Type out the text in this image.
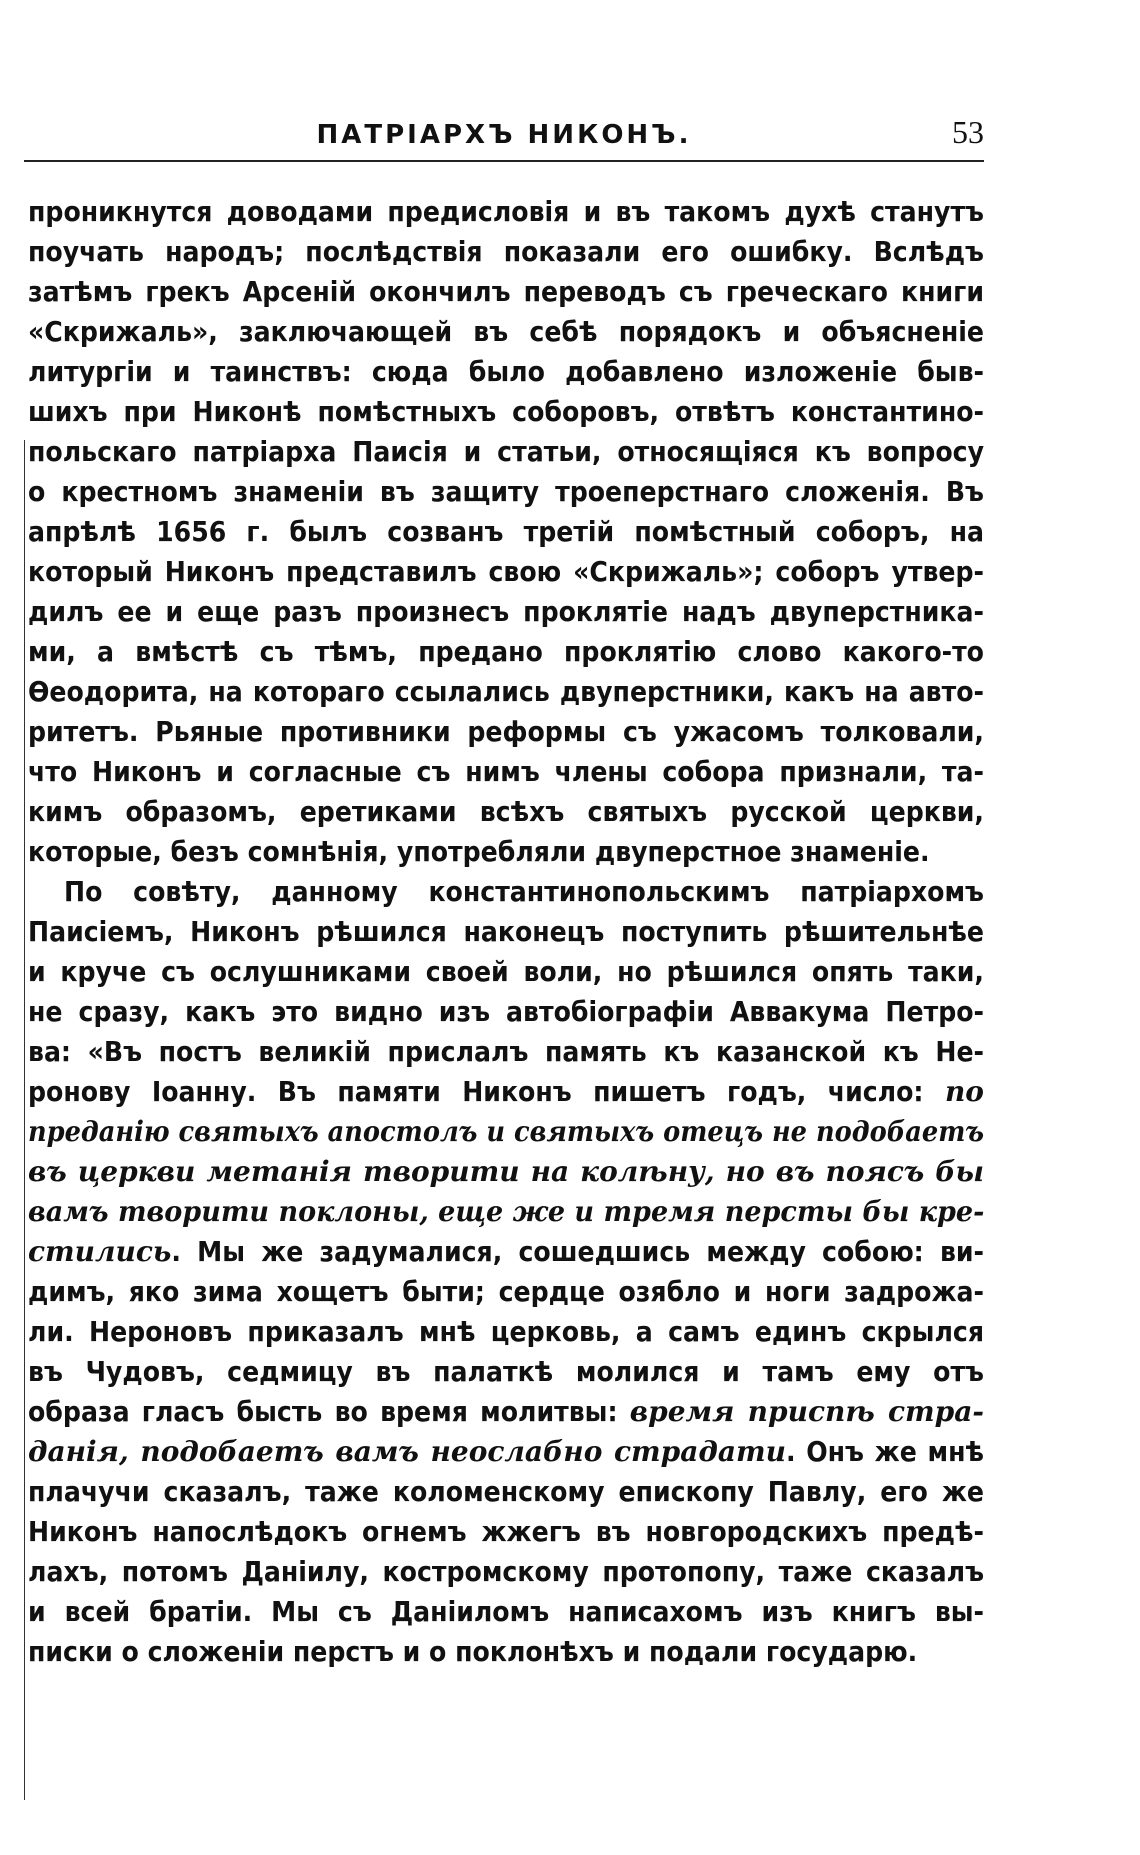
ПАТРІАРХЪ НИКОНЪ.	53
проникнутся доводами предисловія и въ такомъ духѣ станутъ
поучать народъ; послѣдствія показали его ошибку. Вслѣдъ
затѣмъ грекъ Арсеній окончилъ переводъ съ греческаго книги
«Скрижаль», заключающей въ себѣ порядокъ и объясненіе
литургіи и таинствъ: сюда было добавлено изложеніе быв-
шихъ при Никонѣ помѣстныхъ соборовъ, отвѣтъ константино-
польскаго патріарха Паисія и статьи, относящіяся къ вопросу
о крестномъ знаменіи въ защиту троеперстнаго сложенія. Въ
апрѣлѣ 1656 г. былъ созванъ третій помѣстный соборъ, на
который Никонъ представилъ свою «Скрижаль»; соборъ утвер-
дилъ ее и еще разъ произнесъ проклятіе надъ двуперстника-
ми, а вмѣстѣ съ тѣмъ, предано проклятію слово какого-то
Ѳеодорита, на котораго ссылались двуперстники, какъ на авто-
ритетъ. Рьяные противники реформы съ ужасомъ толковали,
что Никонъ и согласные съ нимъ члены собора признали, та-
кимъ образомъ, еретиками всѣхъ святыхъ русской церкви,
которые, безъ сомнѣнія, употребляли двуперстное знаменіе.
По совѣту, данному константинопольскимъ патріархомъ
Паисіемъ, Никонъ рѣшился наконецъ поступить рѣшительнѣе
и круче съ ослушниками своей воли, но рѣшился опять таки,
не сразу, какъ это видно изъ автобіографіи Аввакума Петро-
ва: «Въ постъ великій прислалъ память къ казанской къ Не-
ронову Іоанну. Въ памяти Никонъ пишетъ годъ, число: по
преданію святыхъ апостолъ и святыхъ отецъ не подобаетъ
въ церкви метанія творити на колѣну, но въ поясъ бы
вамъ творити поклоны, еще же и тремя персты бы кре-
стились. Мы же задумалися, сошедшись между собою: ви-
димъ, яко зима хощетъ быти; сердце озябло и ноги задрожа-
ли. Нероновъ приказалъ мнѣ церковь, а самъ единъ скрылся
въ Чудовъ, седмицу въ палаткѣ молился и тамъ ему отъ
образа гласъ бысть во время молитвы: время приспѣ стра-
данія, подобаетъ вамъ неослабно страдати. Онъ же мнѣ
плачучи сказалъ, таже коломенскому епископу Павлу, его же
Никонъ напослѣдокъ огнемъ жжегъ въ новгородскихъ предѣ-
лахъ, потомъ Даніилу, костромскому протопопу, таже сказалъ
и всей братіи. Мы съ Даніиломъ написахомъ изъ книгъ вы-
писки о сложеніи перстъ и о поклонѣхъ и подали государю.
